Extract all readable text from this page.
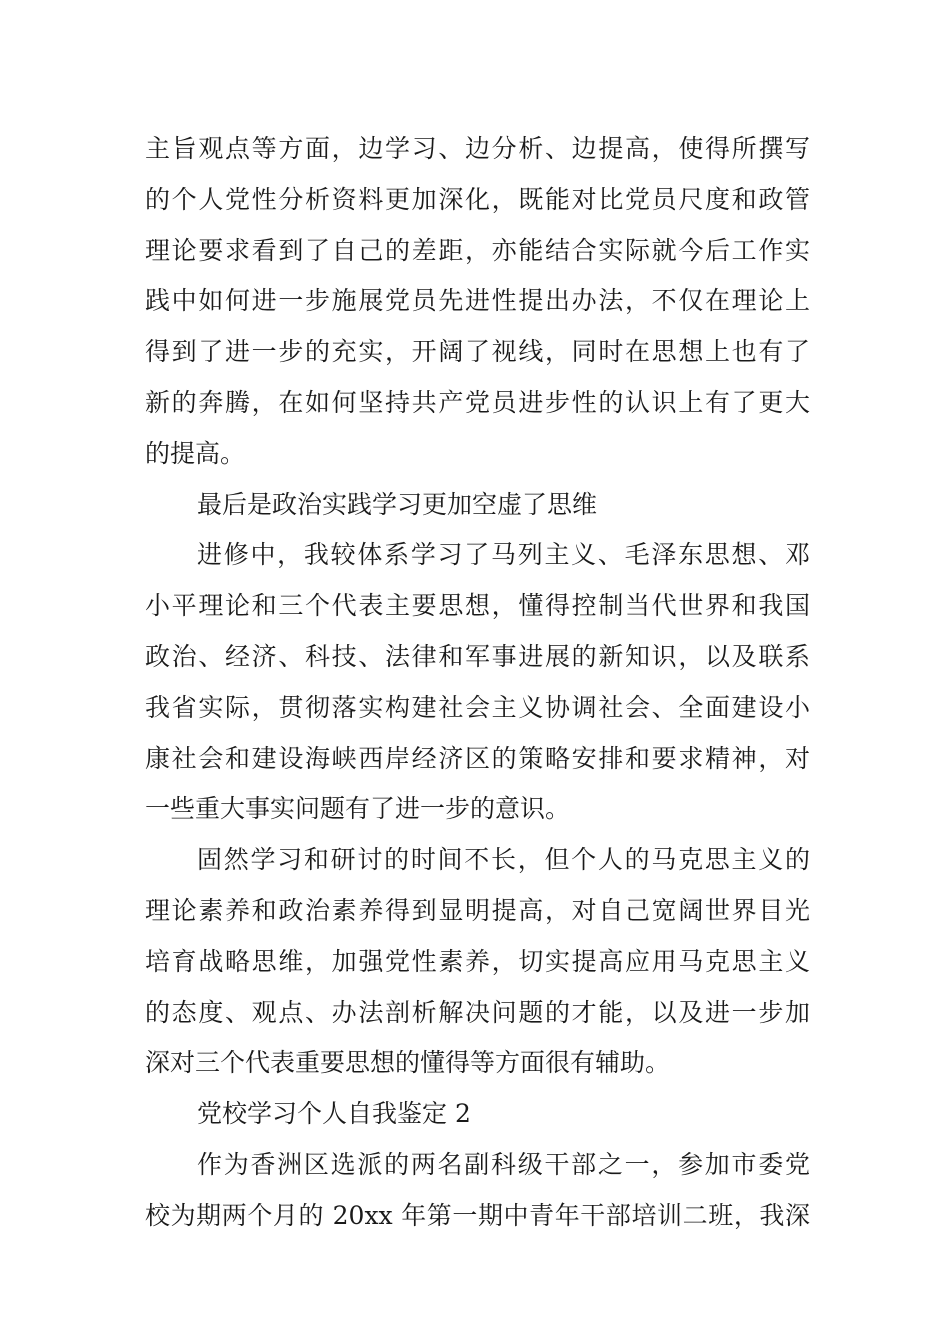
主旨观点等方面，边学习、边分析、边提高，使得所撰写
的个人党性分析资料更加深化，既能对比党员尺度和政管
理论要求看到了自己的差距，亦能结合实际就今后工作实
践中如何进一步施展党员先进性提出办法，不仅在理论上
得到了进一步的充实，开阔了视线，同时在思想上也有了
新的奔腾，在如何坚持共产党员进步性的认识上有了更大
的提高。
最后是政治实践学习更加空虚了思维
进修中，我较体系学习了马列主义、毛泽东思想、邓
小平理论和三个代表主要思想，懂得控制当代世界和我国
政治、经济、科技、法律和军事进展的新知识，以及联系
我省实际，贯彻落实构建社会主义协调社会、全面建设小
康社会和建设海峡西岸经济区的策略安排和要求精神，对
一些重大事实问题有了进一步的意识。
固然学习和研讨的时间不长，但个人的马克思主义的
理论素养和政治素养得到显明提高，对自己宽阔世界目光
培育战略思维，加强党性素养，切实提高应用马克思主义
的态度、观点、办法剖析解决问题的才能，以及进一步加
深对三个代表重要思想的懂得等方面很有辅助。
党校学习个人自我鉴定 2
作为香洲区选派的两名副科级干部之一，参加市委党
校为期两个月的 20xx 年第一期中青年干部培训二班，我深
